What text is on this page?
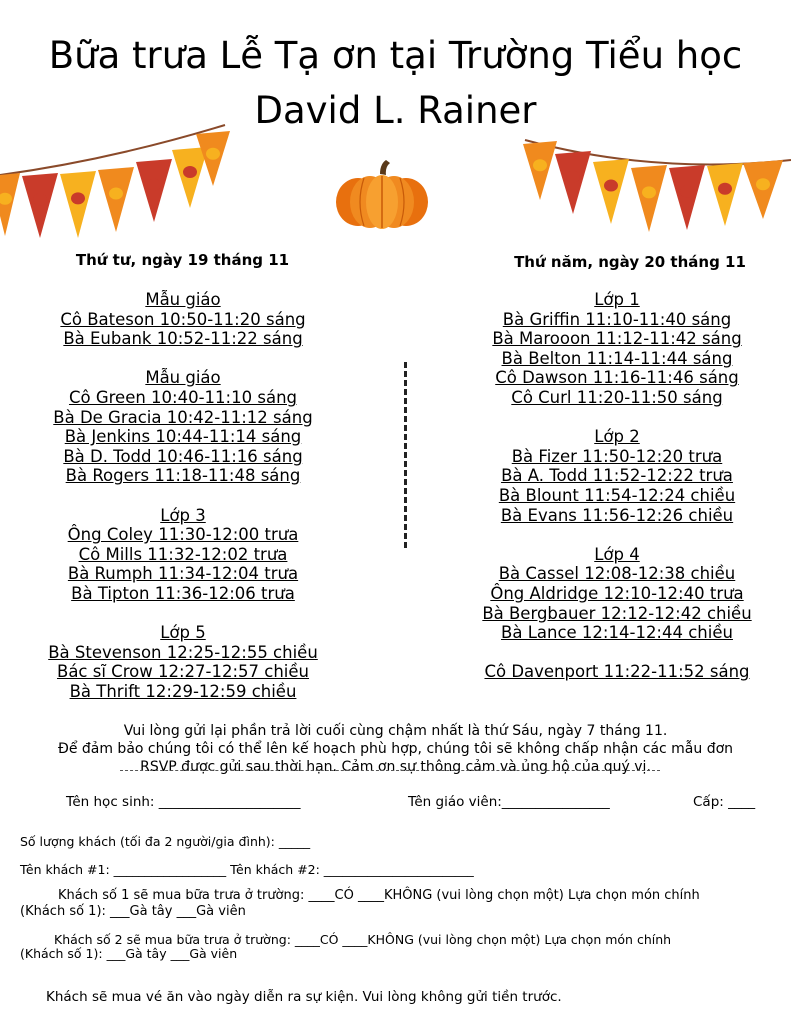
Bữa trưa Lễ Tạ ơn tại Trường Tiểu học
David L. Rainer
Thứ tư, ngày 19 tháng 11	Thứ năm, ngày 20 tháng 11
Mẫu giáo
Cô Bateson 10:50-11:20 sáng
Bà Eubank 10:52-11:22 sáng
Mẫu giáo
Cô Green 10:40-11:10 sáng
Bà De Gracia 10:42-11:12 sáng
Bà Jenkins 10:44-11:14 sáng
Bà D. Todd 10:46-11:16 sáng
Bà Rogers 11:18-11:48 sáng
Lớp 3
Ông Coley 11:30-12:00 trưa
Cô Mills 11:32-12:02 trưa
Bà Rumph 11:34-12:04 trưa
Bà Tipton 11:36-12:06 trưa
Lớp 5
Bà Stevenson 12:25-12:55 chiều
Bác sĩ Crow 12:27-12:57 chiều
Bà Thrift 12:29-12:59 chiều
Lớp 1
Bà Griffin 11:10-11:40 sáng
Bà Marooon 11:12-11:42 sáng
Bà Belton 11:14-11:44 sáng
Cô Dawson 11:16-11:46 sáng
Cô Curl 11:20-11:50 sáng
Lớp 2
Bà Fizer 11:50-12:20 trưa
Bà A. Todd 11:52-12:22 trưa
Bà Blount 11:54-12:24 chiều
Bà Evans 11:56-12:26 chiều
Lớp 4
Bà Cassel 12:08-12:38 chiều
Ông Aldridge 12:10-12:40 trưa
Bà Bergbauer 12:12-12:42 chiều
Bà Lance 12:14-12:44 chiều
Cô Davenport 11:22-11:52 sáng
Vui lòng gửi lại phần trả lời cuối cùng chậm nhất là thứ Sáu, ngày 7 tháng 11.
Để đảm bảo chúng tôi có thể lên kế hoạch phù hợp, chúng tôi sẽ không chấp nhận các mẫu đơn
RSVP được gửi sau thời hạn. Cảm ơn sự thông cảm và ủng hộ của quý vị.
Tên học sinh: _____________________	Tên giáo viên:________________	Cấp: ____
Số lượng khách (tối đa 2 người/gia đình): _____
Tên khách #1: __________________ Tên khách #2: ________________________
Khách số 1 sẽ mua bữa trưa ở trường: ____CÓ ____KHÔNG (vui lòng chọn một) Lựa chọn món chính
(Khách số 1): ___Gà tây ___Gà viên
Khách số 2 sẽ mua bữa trưa ở trường: ____CÓ ____KHÔNG (vui lòng chọn một) Lựa chọn món chính
(Khách số 1): ___Gà tây ___Gà viên
Khách sẽ mua vé ăn vào ngày diễn ra sự kiện. Vui lòng không gửi tiền trước.
